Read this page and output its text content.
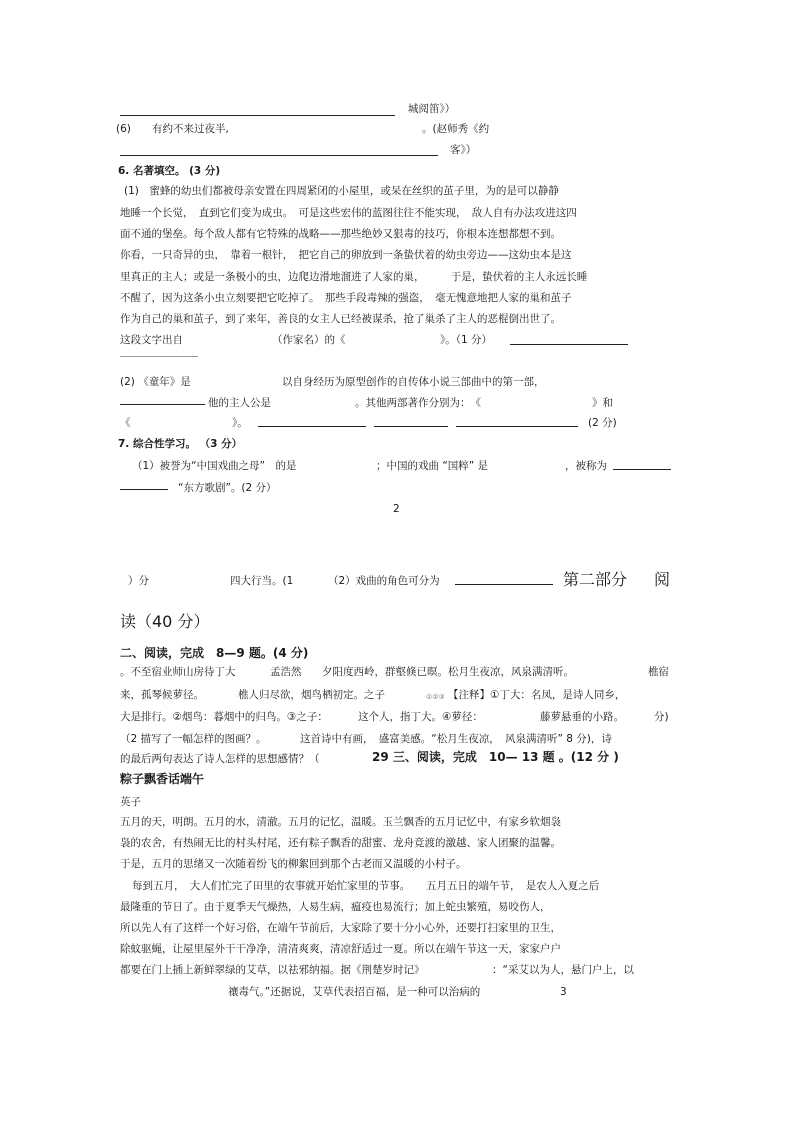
城阅笛》）
(6) 有约不来过夜半,	。(赵师秀《约
客》）
6. 名著填空。 (3 分)
(1)　蜜蜂的幼虫们都被母亲安置在四周紧闭的小屋里，或呆在丝织的茧子里，为的是可以静静
地睡一个长觉，　直到它们变为成虫。　可是这些宏伟的蓝图往往不能实现，　敌人自有办法攻进这四
面不通的堡垒。每个敌人都有它特殊的战略——那些绝妙又狠毒的技巧，你根本连想都想不到。
你看，一只奇异的虫，　靠着一根针，　把它自己的卵放到一条蛰伏着的幼虫旁边——这幼虫本是这
里真正的主人；或是一条极小的虫，边爬边滑地溜进了人家的巢，　　　于是，蛰伏着的主人永远长睡
不醒了，因为这条小虫立刻要把它吃掉了。　那些手段毒辣的强盗，　毫无愧意地把人家的巢和茧子
作为自己的巢和茧子，到了来年，善良的女主人已经被谋杀，抢了巢杀了主人的恶棍倒出世了。
这段文字出自	（作家名）的《	》。（1 分）
(2) 《童年》是	以自身经历为原型创作的自传体小说三部曲中的第一部，
他的主人公是	。其他两部著作分别为：　《	》和
《	》。	(2 分)
7. 综合性学习。 （3 分）
（1）被誉为“中国戏曲之母”　的是	；中国的戏曲 “国粹” 是	，被称为
“东方歌剧”。(2 分）
2
）分	四大行当。(1	（2）戏曲的角色可分为	第二部分 阅
读（40 分）
二、阅读，完成　8—9 题。(4 分)
。不至宿业师山房待丁大	孟浩然 夕阳度西岭，群壑倏已暝。松月生夜凉，风泉满清听。	樵宿
来，孤琴候萝径。	樵人归尽欲，烟鸟栖初定。之子	①②③ 【注释】①丁大：名凤，是诗人同乡，
大是排行。②烟鸟：暮烟中的归鸟。③之子：	这个人，指丁大。④萝径：	藤萝悬垂的小路。	分)
（2 描写了一幅怎样的图画？。	这首诗中有画，　盛富美感。“松月生夜凉，　风泉满清听” 8 分)，诗
的最后两句表达了诗人怎样的思想感情？（	29 三、阅读，完成　10— 13 题 。(12 分 )
粽子飘香话端午
英子
五月的天，明朗。五月的水，清澈。五月的记忆，温暖。玉兰飘香的五月记忆中，有家乡软烟袅
袅的农舍，有热闹无比的村头村尾，还有粽子飘香的甜蜜、龙舟竞渡的激越、家人团聚的温馨。
于是，五月的思绪又一次随着纷飞的柳絮回到那个古老而又温暖的小村子。
每到五月，　大人们忙完了田里的农事就开始忙家里的节事。　　五月五日的端午节，　是农人入夏之后
最隆重的节日了。由于夏季天气燥热，人易生病，瘟疫也易流行；加上蛇虫繁殖，易咬伤人，
所以先人有了这样一个好习俗，在端午节前后，大家除了要十分小心外，还要打扫家里的卫生，
除蚊驱蝇，让屋里屋外干干净净，清清爽爽，清凉舒适过一夏。所以在端午节这一天，家家户户
都要在门上插上新鲜翠绿的艾草，以祛邪纳福。据《荆楚岁时记》	：“采艾以为人，悬门户上，以
禳毒气。”还据说，艾草代表招百福，是一种可以治病的	3
